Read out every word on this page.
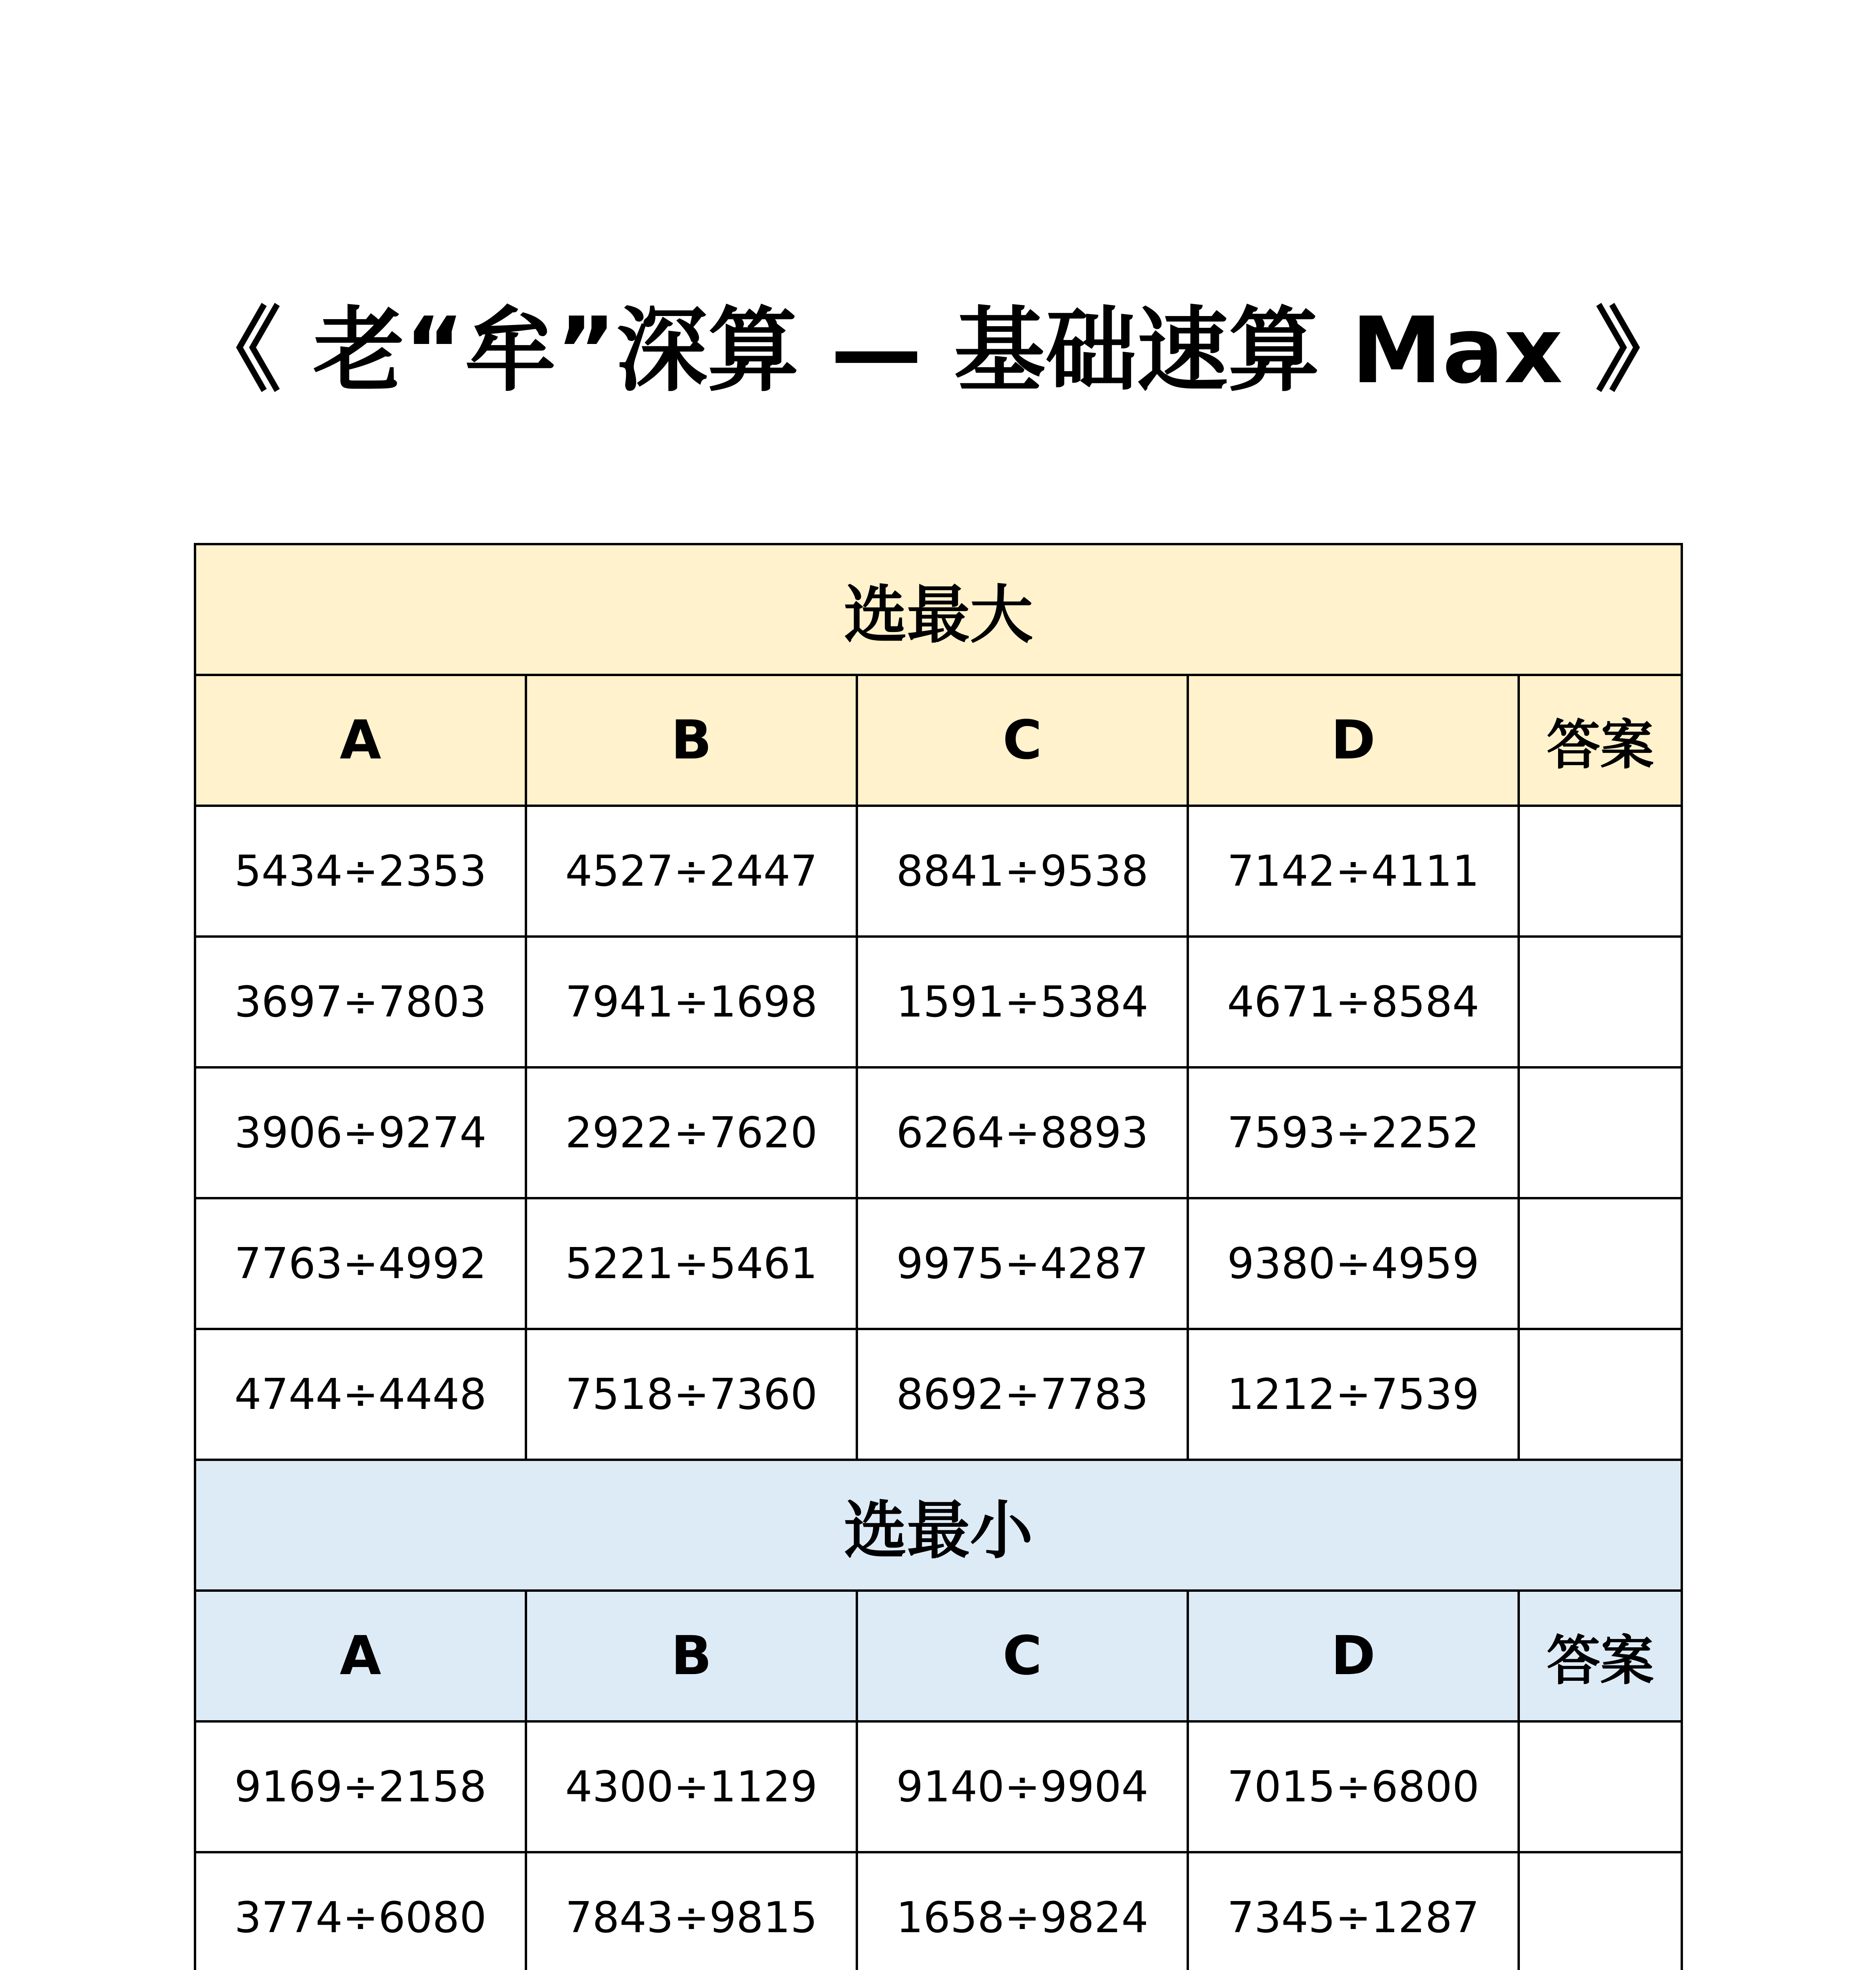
《 老“牟”深算 — 基础速算 Max 》
选最大				
A	B	C	D	答案
5434÷2353	4527÷2447	8841÷9538	7142÷4111	
3697÷7803	7941÷1698	1591÷5384	4671÷8584	
3906÷9274	2922÷7620	6264÷8893	7593÷2252	
7763÷4992	5221÷5461	9975÷4287	9380÷4959	
4744÷4448	7518÷7360	8692÷7783	1212÷7539	
选最小				
A	B	C	D	答案
9169÷2158	4300÷1129	9140÷9904	7015÷6800	
3774÷6080	7843÷9815	1658÷9824	7345÷1287	
